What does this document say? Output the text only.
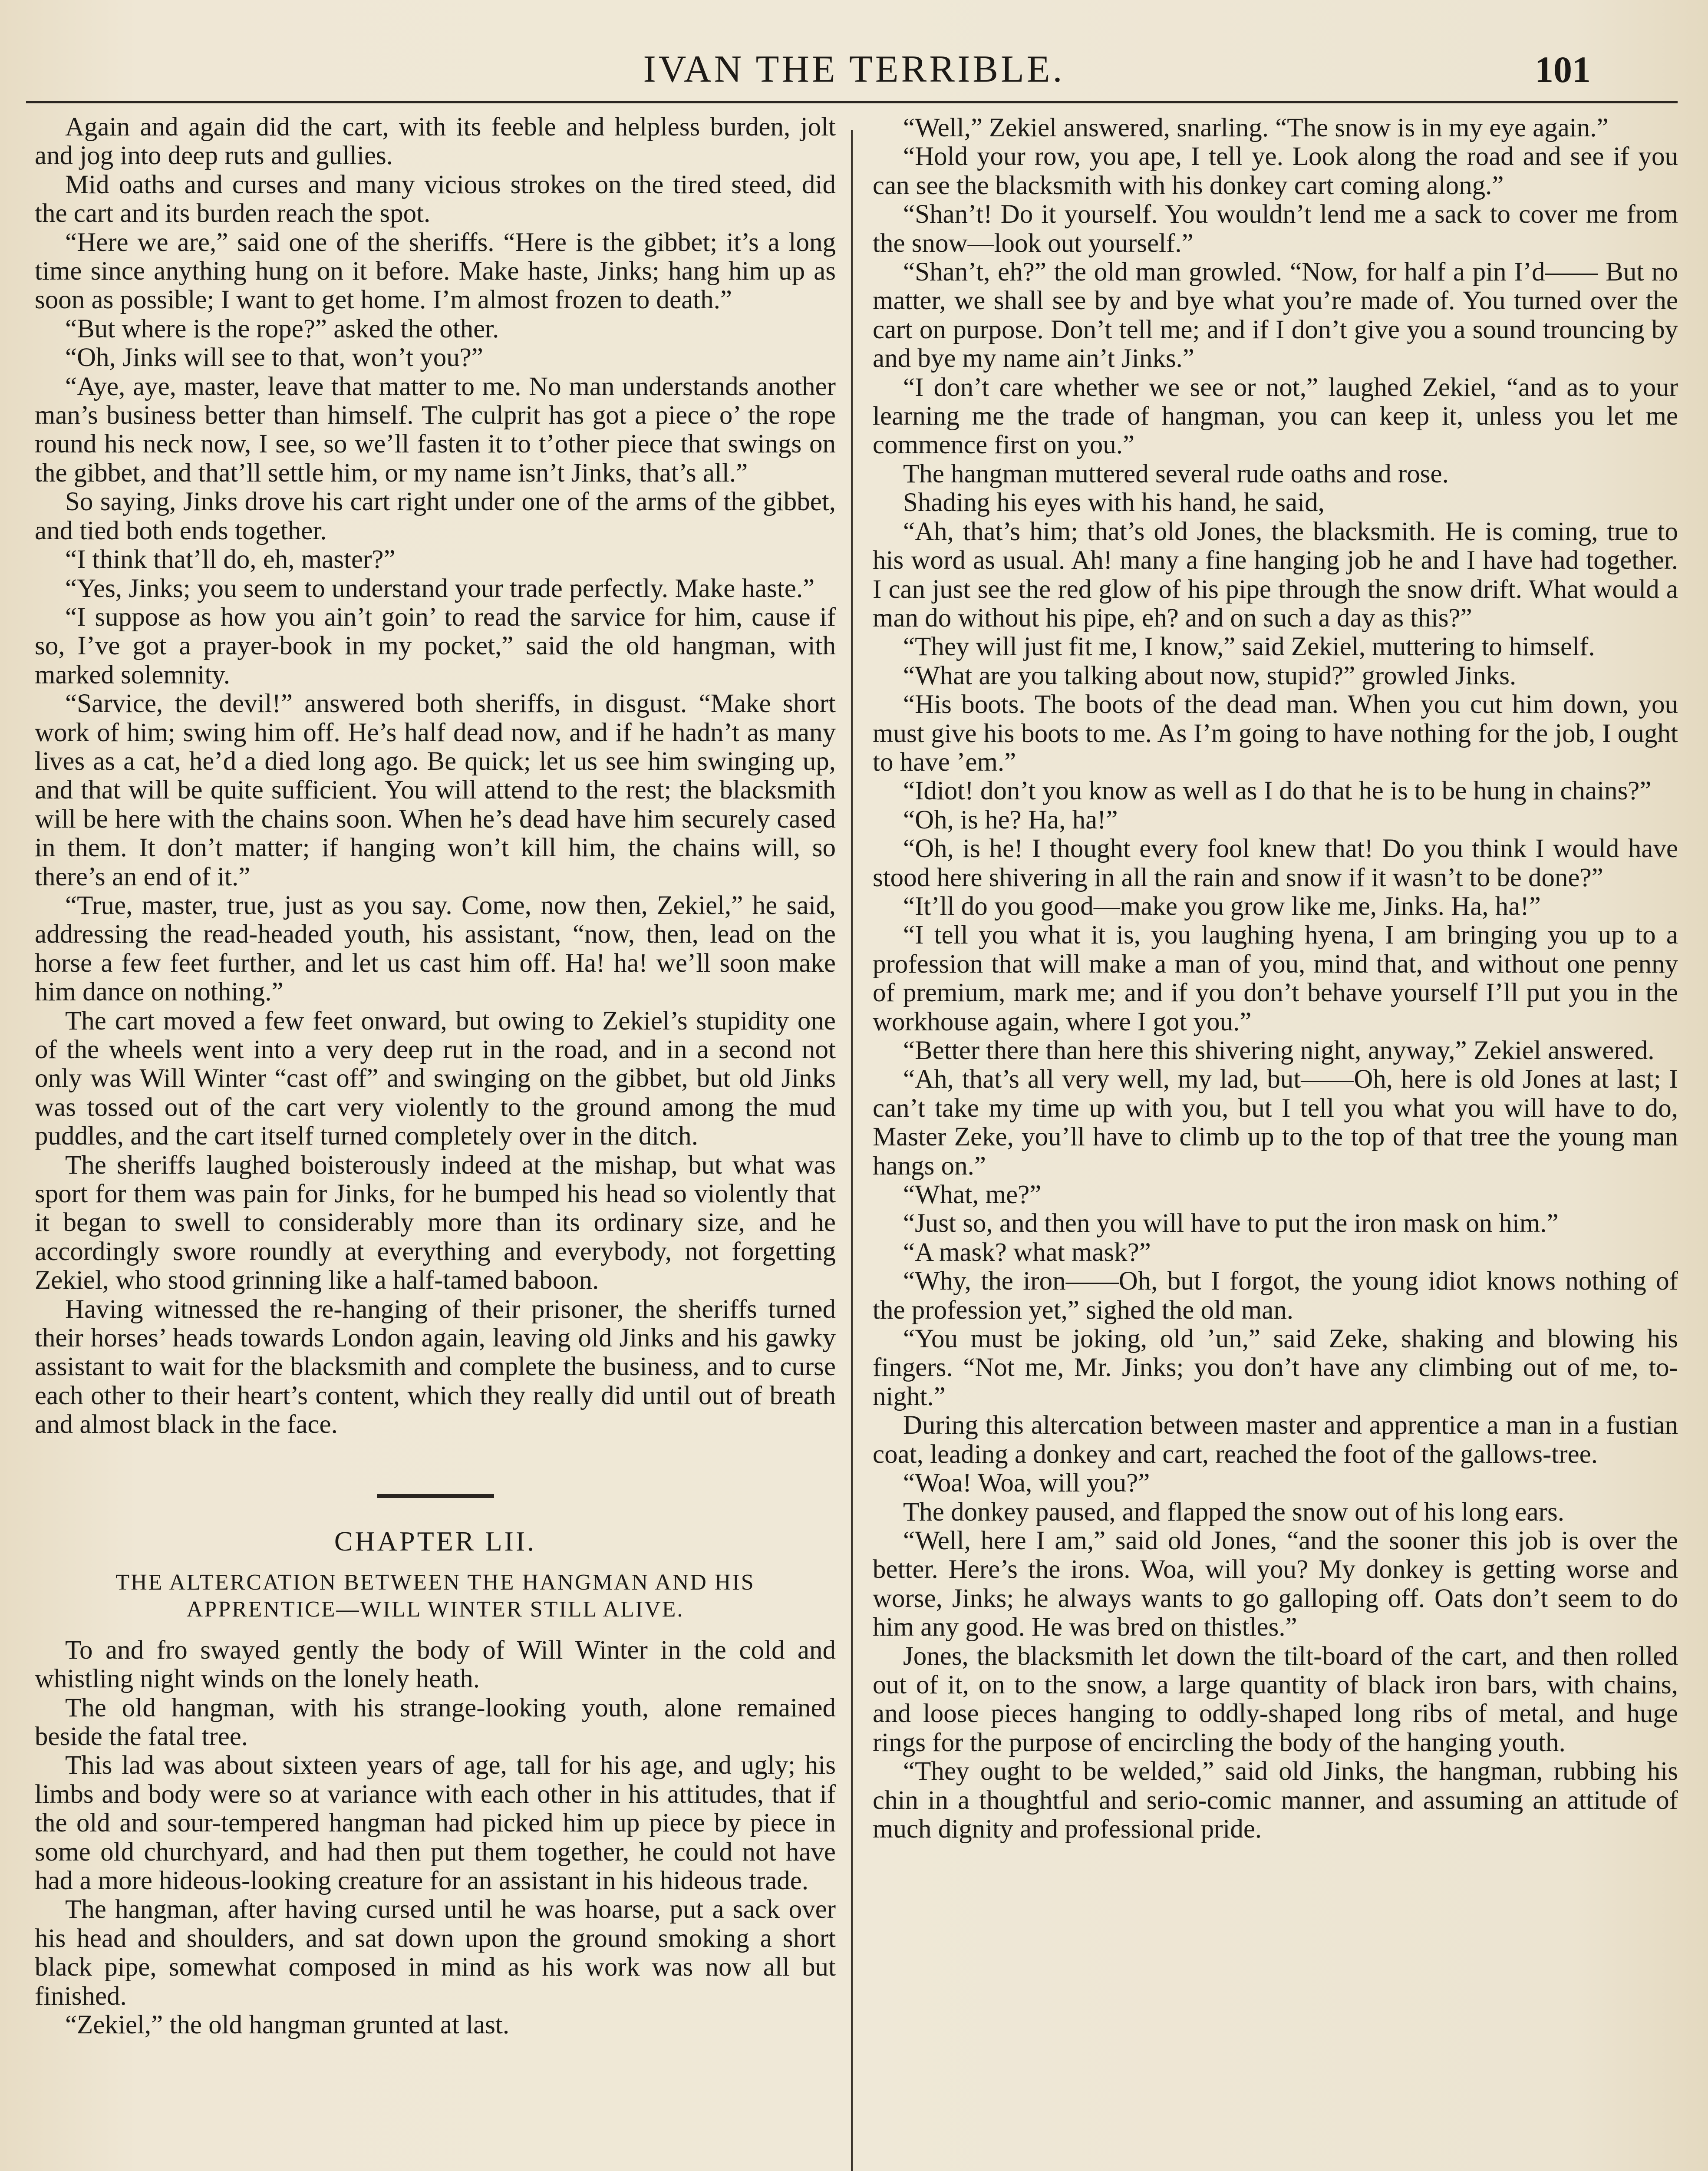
IVAN THE TERRIBLE.	101

Again and again did the cart, with its feeble and helpless burden, jolt and jog into deep ruts and gullies.

Mid oaths and curses and many vicious strokes on the tired steed, did the cart and its burden reach the spot.

“Here we are,” said one of the sheriffs. “Here is the gibbet; it’s a long time since anything hung on it before. Make haste, Jinks; hang him up as soon as possible; I want to get home. I’m almost frozen to death.”

“But where is the rope?” asked the other.

“Oh, Jinks will see to that, won’t you?”

“Aye, aye, master, leave that matter to me. No man understands another man’s business better than himself. The culprit has got a piece o’ the rope round his neck now, I see, so we’ll fasten it to t’other piece that swings on the gibbet, and that’ll settle him, or my name isn’t Jinks, that’s all.”

So saying, Jinks drove his cart right under one of the arms of the gibbet, and tied both ends together.

“I think that’ll do, eh, master?”

“Yes, Jinks; you seem to understand your trade perfectly. Make haste.”

“I suppose as how you ain’t goin’ to read the sarvice for him, cause if so, I’ve got a prayer-book in my pocket,” said the old hangman, with marked solemnity.

“Sarvice, the devil!” answered both sheriffs, in disgust. “Make short work of him; swing him off. He’s half dead now, and if he hadn’t as many lives as a cat, he’d a died long ago. Be quick; let us see him swinging up, and that will be quite sufficient. You will attend to the rest; the blacksmith will be here with the chains soon. When he’s dead have him securely cased in them. It don’t matter; if hanging won’t kill him, the chains will, so there’s an end of it.”

“True, master, true, just as you say. Come, now then, Zekiel,” he said, addressing the read-headed youth, his assistant, “now, then, lead on the horse a few feet further, and let us cast him off. Ha! ha! we’ll soon make him dance on nothing.”

The cart moved a few feet onward, but owing to Zekiel’s stupidity one of the wheels went into a very deep rut in the road, and in a second not only was Will Winter “cast off” and swinging on the gibbet, but old Jinks was tossed out of the cart very violently to the ground among the mud puddles, and the cart itself turned completely over in the ditch.

The sheriffs laughed boisterously indeed at the mishap, but what was sport for them was pain for Jinks, for he bumped his head so violently that it began to swell to considerably more than its ordinary size, and he accordingly swore roundly at everything and everybody, not forgetting Zekiel, who stood grinning like a half-tamed baboon.

Having witnessed the re-hanging of their prisoner, the sheriffs turned their horses’ heads towards London again, leaving old Jinks and his gawky assistant to wait for the blacksmith and complete the business, and to curse each other to their heart’s content, which they really did until out of breath and almost black in the face.

CHAPTER LII.
THE ALTERCATION BETWEEN THE HANGMAN AND HIS
APPRENTICE—WILL WINTER STILL ALIVE.

To and fro swayed gently the body of Will Winter in the cold and whistling night winds on the lonely heath.

The old hangman, with his strange-looking youth, alone remained beside the fatal tree.

This lad was about sixteen years of age, tall for his age, and ugly; his limbs and body were so at variance with each other in his attitudes, that if the old and sour-tempered hangman had picked him up piece by piece in some old churchyard, and had then put them together, he could not have had a more hideous-looking creature for an assistant in his hideous trade.

The hangman, after having cursed until he was hoarse, put a sack over his head and shoulders, and sat down upon the ground smoking a short black pipe, somewhat composed in mind as his work was now all but finished.

“Zekiel,” the old hangman grunted at last.

“Well,” Zekiel answered, snarling. “The snow is in my eye again.”

“Hold your row, you ape, I tell ye. Look along the road and see if you can see the blacksmith with his donkey cart coming along.”

“Shan’t! Do it yourself. You wouldn’t lend me a sack to cover me from the snow—look out yourself.”

“Shan’t, eh?” the old man growled. “Now, for half a pin I’d—— But no matter, we shall see by and bye what you’re made of. You turned over the cart on purpose. Don’t tell me; and if I don’t give you a sound trouncing by and bye my name ain’t Jinks.”

“I don’t care whether we see or not,” laughed Zekiel, “and as to your learning me the trade of hangman, you can keep it, unless you let me commence first on you.”

The hangman muttered several rude oaths and rose.

Shading his eyes with his hand, he said,

“Ah, that’s him; that’s old Jones, the blacksmith. He is coming, true to his word as usual. Ah! many a fine hanging job he and I have had together. I can just see the red glow of his pipe through the snow drift. What would a man do without his pipe, eh? and on such a day as this?”

“They will just fit me, I know,” said Zekiel, muttering to himself.

“What are you talking about now, stupid?” growled Jinks.

“His boots. The boots of the dead man. When you cut him down, you must give his boots to me. As I’m going to have nothing for the job, I ought to have ’em.”

“Idiot! don’t you know as well as I do that he is to be hung in chains?”

“Oh, is he? Ha, ha!”

“Oh, is he! I thought every fool knew that! Do you think I would have stood here shivering in all the rain and snow if it wasn’t to be done?”

“It’ll do you good—make you grow like me, Jinks. Ha, ha!”

“I tell you what it is, you laughing hyena, I am bringing you up to a profession that will make a man of you, mind that, and without one penny of premium, mark me; and if you don’t behave yourself I’ll put you in the workhouse again, where I got you.”

“Better there than here this shivering night, anyway,” Zekiel answered.

“Ah, that’s all very well, my lad, but——Oh, here is old Jones at last; I can’t take my time up with you, but I tell you what you will have to do, Master Zeke, you’ll have to climb up to the top of that tree the young man hangs on.”

“What, me?”

“Just so, and then you will have to put the iron mask on him.”

“A mask? what mask?”

“Why, the iron——Oh, but I forgot, the young idiot knows nothing of the profession yet,” sighed the old man.

“You must be joking, old ’un,” said Zeke, shaking and blowing his fingers. “Not me, Mr. Jinks; you don’t have any climbing out of me, to-night.”

During this altercation between master and apprentice a man in a fustian coat, leading a donkey and cart, reached the foot of the gallows-tree.

“Woa! Woa, will you?”

The donkey paused, and flapped the snow out of his long ears.

“Well, here I am,” said old Jones, “and the sooner this job is over the better. Here’s the irons. Woa, will you? My donkey is getting worse and worse, Jinks; he always wants to go galloping off. Oats don’t seem to do him any good. He was bred on thistles.”

Jones, the blacksmith let down the tilt-board of the cart, and then rolled out of it, on to the snow, a large quantity of black iron bars, with chains, and loose pieces hanging to oddly-shaped long ribs of metal, and huge rings for the purpose of encircling the body of the hanging youth.

“They ought to be welded,” said old Jinks, the hangman, rubbing his chin in a thoughtful and serio-comic manner, and assuming an attitude of much dignity and professional pride.
